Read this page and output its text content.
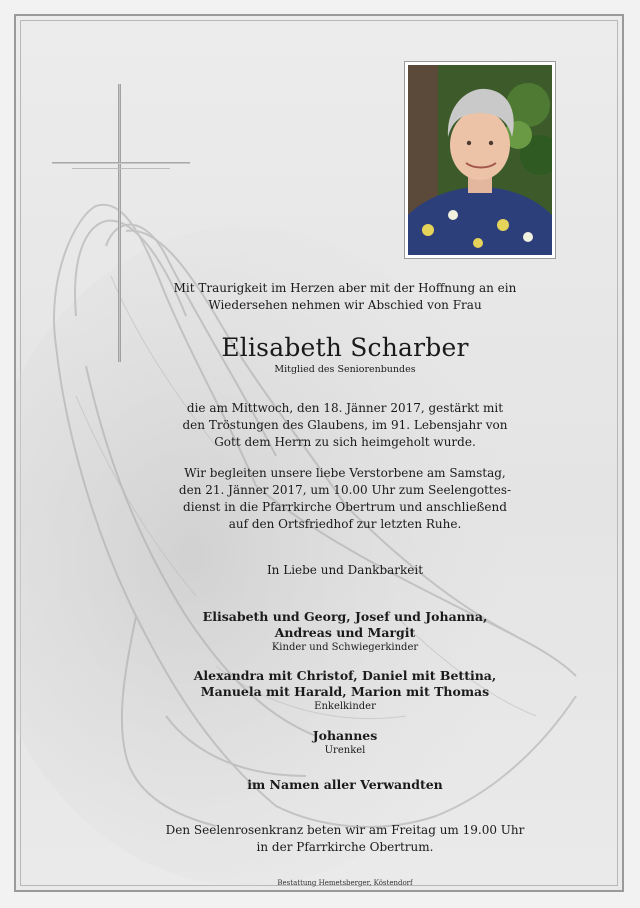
Mit Traurigkeit im Herzen aber mit der Hoffnung an ein
Wiedersehen nehmen wir Abschied von Frau
Elisabeth Scharber
Mitglied des Seniorenbundes
die am Mittwoch, den 18. Jänner 2017, gestärkt mit
den Tröstungen des Glaubens, im 91. Lebensjahr von
Gott dem Herrn zu sich heimgeholt wurde.
Wir begleiten unsere liebe Verstorbene am Samstag,
den 21. Jänner 2017, um 10.00 Uhr zum Seelengottes-
dienst in die Pfarrkirche Obertrum und anschließend
auf den Ortsfriedhof zur letzten Ruhe.
In Liebe und Dankbarkeit
Elisabeth und Georg, Josef und Johanna,
Andreas und Margit
Kinder und Schwiegerkinder
Alexandra mit Christof, Daniel mit Bettina,
Manuela mit Harald, Marion mit Thomas
Enkelkinder
Johannes
Urenkel
im Namen aller Verwandten
Den Seelenrosenkranz beten wir am Freitag um 19.00 Uhr
in der Pfarrkirche Obertrum.
Bestattung Hemetsberger, Köstendorf
